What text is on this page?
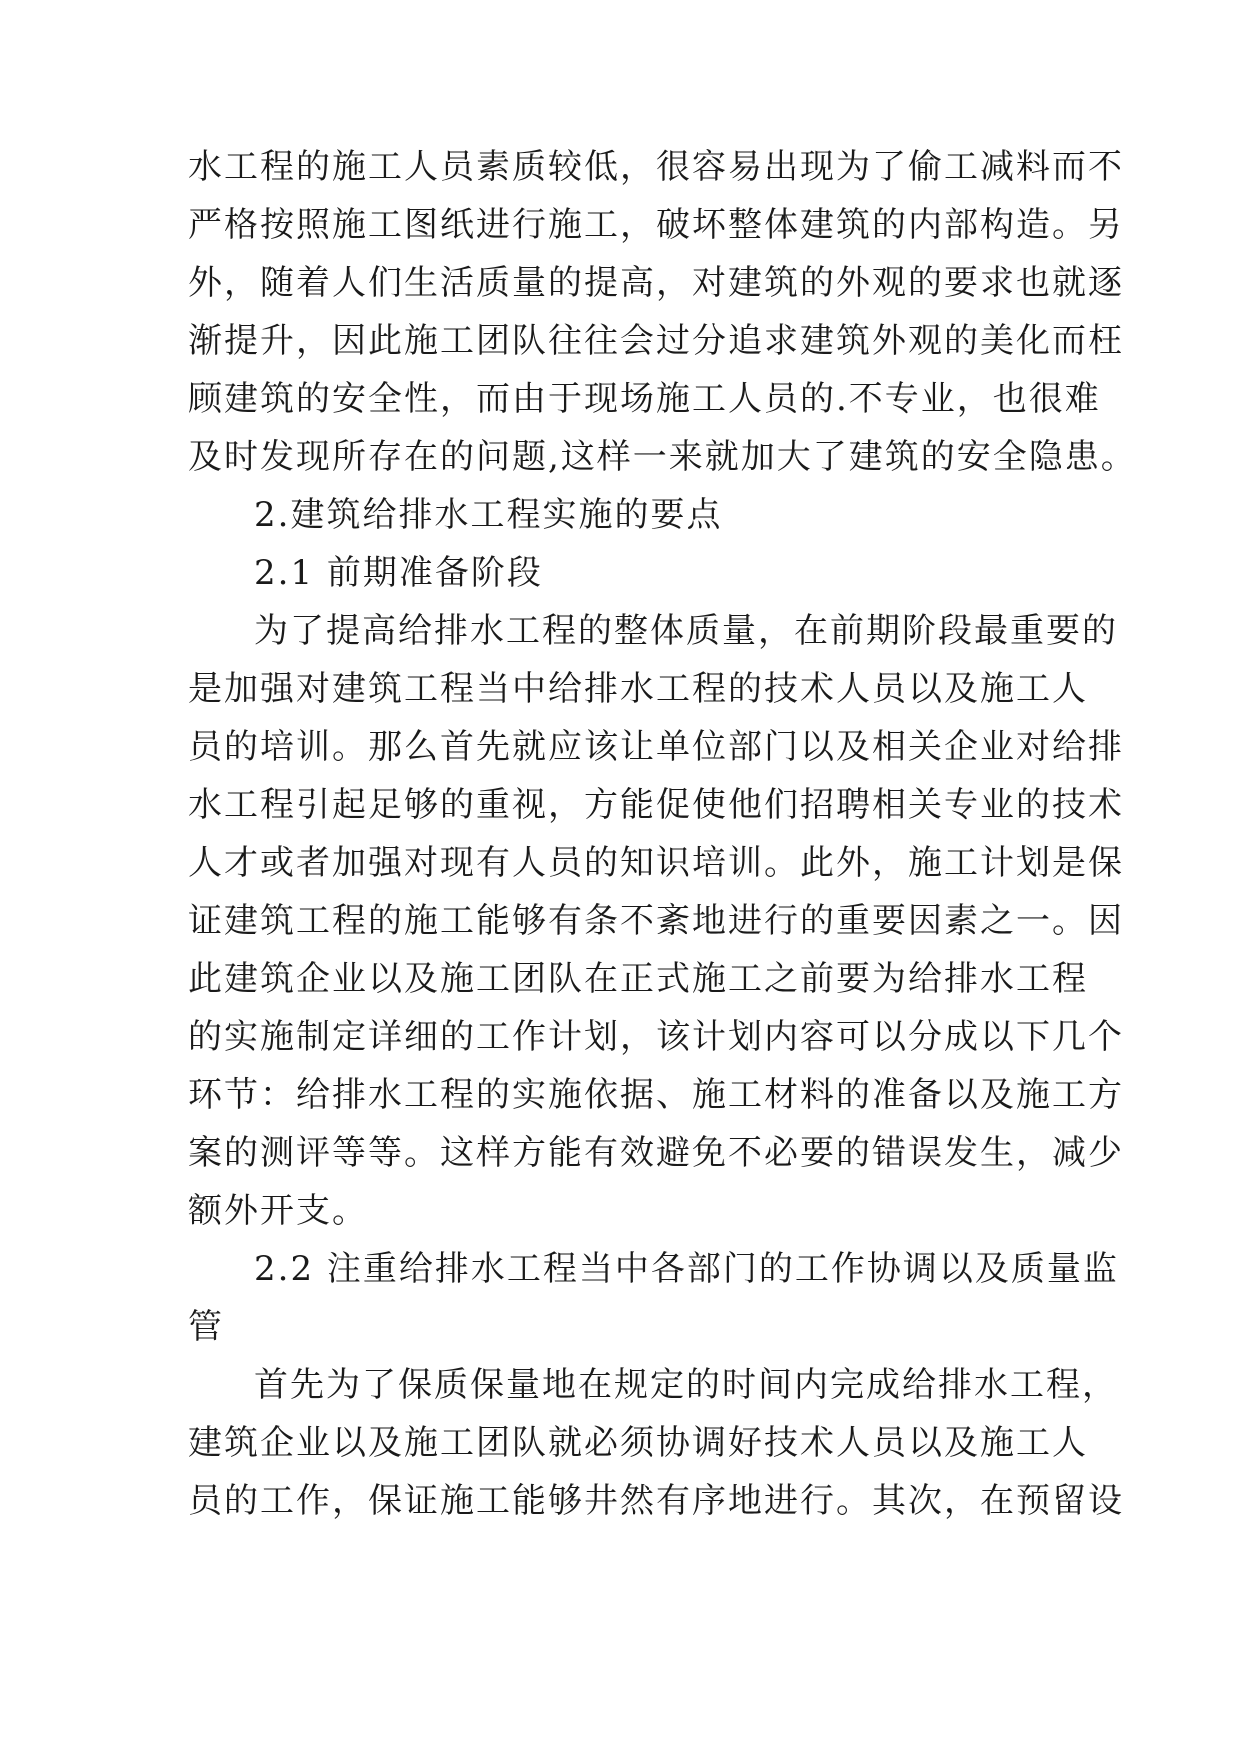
水工程的施工人员素质较低，很容易出现为了偷工减料而不
严格按照施工图纸进行施工，破坏整体建筑的内部构造。另
外，随着人们生活质量的提高，对建筑的外观的要求也就逐
渐提升，因此施工团队往往会过分追求建筑外观的美化而枉
顾建筑的安全性，而由于现场施工人员的.不专业，也很难
及时发现所存在的问题,这样一来就加大了建筑的安全隐患。
2.建筑给排水工程实施的要点
2.1 前期准备阶段
为了提高给排水工程的整体质量，在前期阶段最重要的
是加强对建筑工程当中给排水工程的技术人员以及施工人
员的培训。那么首先就应该让单位部门以及相关企业对给排
水工程引起足够的重视，方能促使他们招聘相关专业的技术
人才或者加强对现有人员的知识培训。此外，施工计划是保
证建筑工程的施工能够有条不紊地进行的重要因素之一。因
此建筑企业以及施工团队在正式施工之前要为给排水工程
的实施制定详细的工作计划，该计划内容可以分成以下几个
环节：给排水工程的实施依据、施工材料的准备以及施工方
案的测评等等。这样方能有效避免不必要的错误发生，减少
额外开支。
2.2 注重给排水工程当中各部门的工作协调以及质量监
管
首先为了保质保量地在规定的时间内完成给排水工程，
建筑企业以及施工团队就必须协调好技术人员以及施工人
员的工作，保证施工能够井然有序地进行。其次，在预留设
